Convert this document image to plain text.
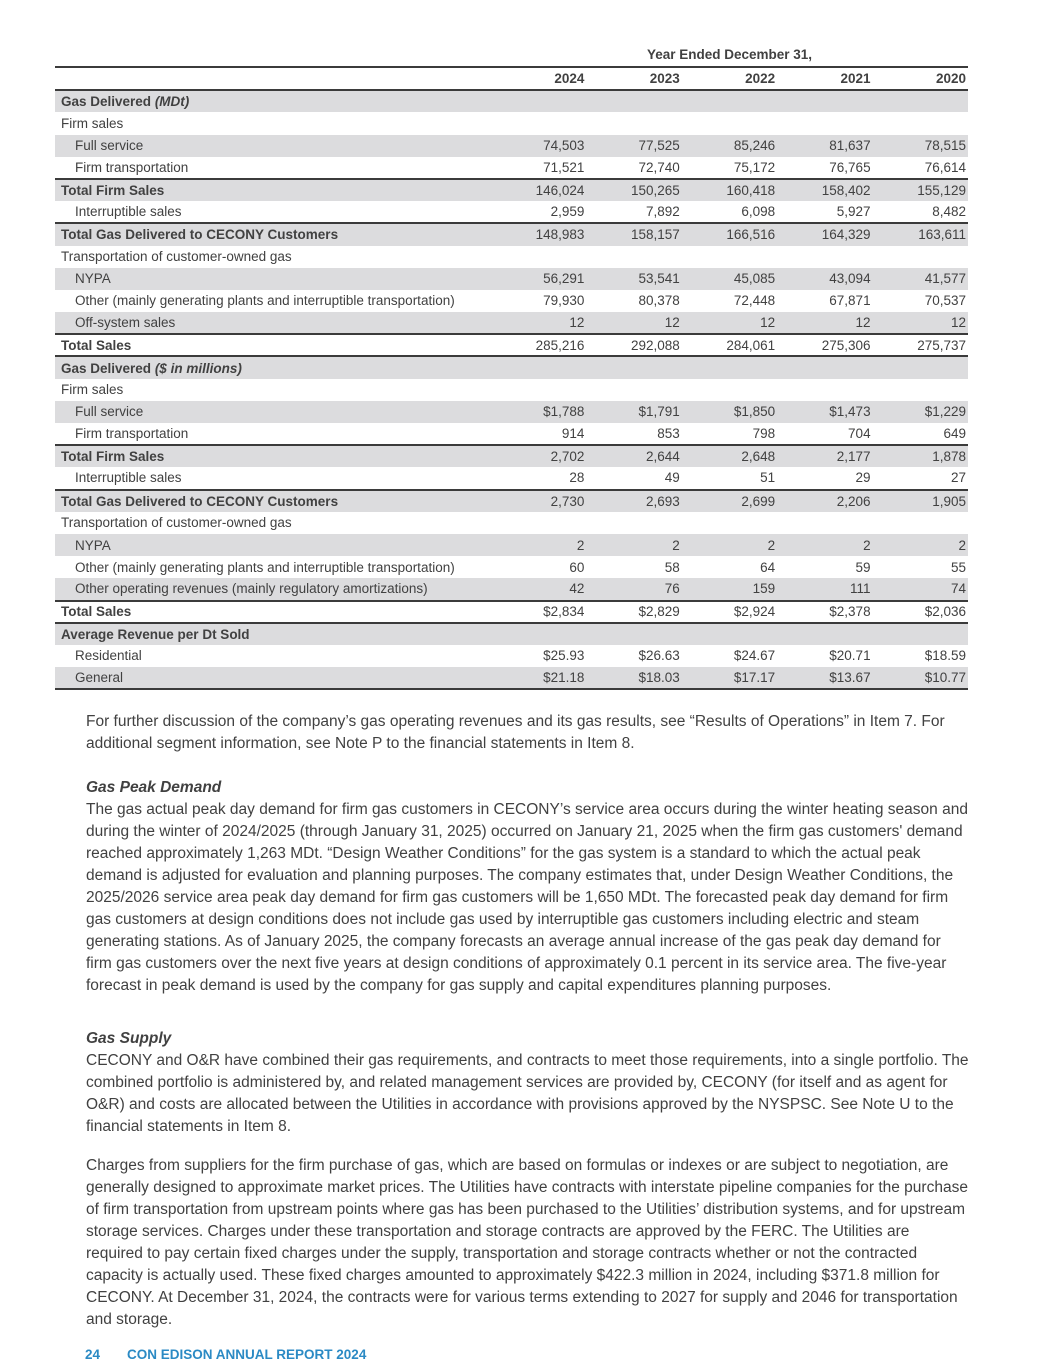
Year Ended December 31,
	2024	2023	2022	2021	2020
Gas Delivered (MDt)					
Firm sales					
Full service	74,503	77,525	85,246	81,637	78,515
Firm transportation	71,521	72,740	75,172	76,765	76,614
Total Firm Sales	146,024	150,265	160,418	158,402	155,129
Interruptible sales	2,959	7,892	6,098	5,927	8,482
Total Gas Delivered to CECONY Customers	148,983	158,157	166,516	164,329	163,611
Transportation of customer-owned gas					
NYPA	56,291	53,541	45,085	43,094	41,577
Other (mainly generating plants and interruptible transportation)	79,930	80,378	72,448	67,871	70,537
Off-system sales	12	12	12	12	12
Total Sales	285,216	292,088	284,061	275,306	275,737
Gas Delivered ($ in millions)					
Firm sales					
Full service	$1,788	$1,791	$1,850	$1,473	$1,229
Firm transportation	914	853	798	704	649
Total Firm Sales	2,702	2,644	2,648	2,177	1,878
Interruptible sales	28	49	51	29	27
Total Gas Delivered to CECONY Customers	2,730	2,693	2,699	2,206	1,905
Transportation of customer-owned gas					
NYPA	2	2	2	2	2
Other (mainly generating plants and interruptible transportation)	60	58	64	59	55
Other operating revenues (mainly regulatory amortizations)	42	76	159	111	74
Total Sales	$2,834	$2,829	$2,924	$2,378	$2,036
Average Revenue per Dt Sold					
Residential	$25.93	$26.63	$24.67	$20.71	$18.59
General	$21.18	$18.03	$17.17	$13.67	$10.77

For further discussion of the company’s gas operating revenues and its gas results, see “Results of Operations” in Item 7. For additional segment information, see Note P to the financial statements in Item 8.

Gas Peak Demand

The gas actual peak day demand for firm gas customers in CECONY’s service area occurs during the winter heating season and during the winter of 2024/2025 (through January 31, 2025) occurred on January 21, 2025 when the firm gas customers' demand reached approximately 1,263 MDt. “Design Weather Conditions” for the gas system is a standard to which the actual peak demand is adjusted for evaluation and planning purposes. The company estimates that, under Design Weather Conditions, the 2025/2026 service area peak day demand for firm gas customers will be 1,650 MDt. The forecasted peak day demand for firm gas customers at design conditions does not include gas used by interruptible gas customers including electric and steam generating stations. As of January 2025, the company forecasts an average annual increase of the gas peak day demand for firm gas customers over the next five years at design conditions of approximately 0.1 percent in its service area. The five-year forecast in peak demand is used by the company for gas supply and capital expenditures planning purposes.

Gas Supply

CECONY and O&R have combined their gas requirements, and contracts to meet those requirements, into a single portfolio. The combined portfolio is administered by, and related management services are provided by, CECONY (for itself and as agent for O&R) and costs are allocated between the Utilities in accordance with provisions approved by the NYSPSC. See Note U to the financial statements in Item 8.

Charges from suppliers for the firm purchase of gas, which are based on formulas or indexes or are subject to negotiation, are generally designed to approximate market prices. The Utilities have contracts with interstate pipeline companies for the purchase of firm transportation from upstream points where gas has been purchased to the Utilities’ distribution systems, and for upstream storage services. Charges under these transportation and storage contracts are approved by the FERC. The Utilities are required to pay certain fixed charges under the supply, transportation and storage contracts whether or not the contracted capacity is actually used. These fixed charges amounted to approximately $422.3 million in 2024, including $371.8 million for CECONY. At December 31, 2024, the contracts were for various terms extending to 2027 for supply and 2046 for transportation and storage.

24 CON EDISON ANNUAL REPORT 2024
